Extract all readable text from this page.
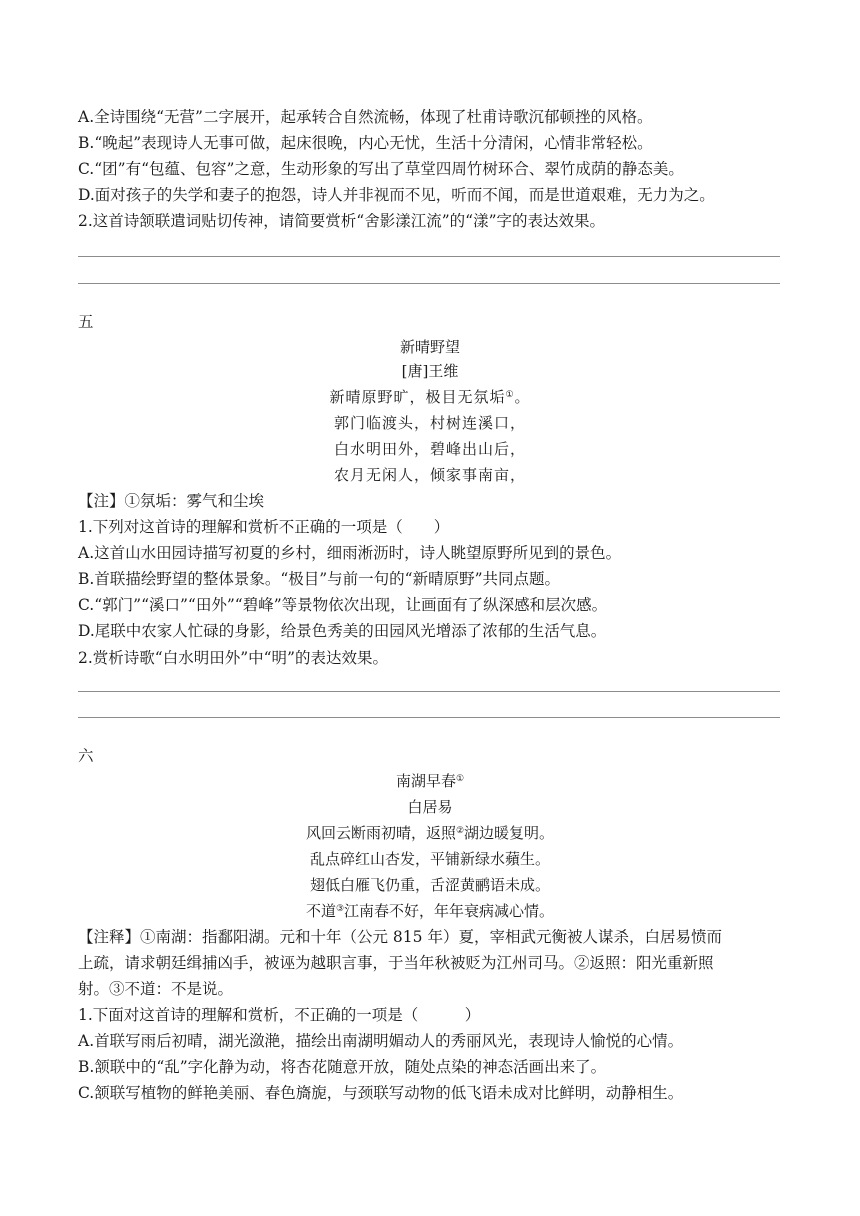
A.全诗围绕“无营”二字展开，起承转合自然流畅，体现了杜甫诗歌沉郁顿挫的风格。
B.“晚起”表现诗人无事可做，起床很晚，内心无忧，生活十分清闲，心情非常轻松。
C.“团”有“包蕴、包容”之意，生动形象的写出了草堂四周竹树环合、翠竹成荫的静态美。
D.面对孩子的失学和妻子的抱怨，诗人并非视而不见，听而不闻，而是世道艰难，无力为之。
2.这首诗颔联遣词贴切传神，请简要赏析“舍影漾江流”的“漾”字的表达效果。
五
新晴野望
[唐]王维
新晴原野旷，极目无氛垢①。
郭门临渡头，村树连溪口，
白水明田外，碧峰出山后，
农月无闲人，倾家事南亩，
【注】①氛垢：雾气和尘埃
1.下列对这首诗的理解和赏析不正确的一项是（　　）
A.这首山水田园诗描写初夏的乡村，细雨淅沥时，诗人眺望原野所见到的景色。
B.首联描绘野望的整体景象。“极目”与前一句的“新晴原野”共同点题。
C.“郭门”“溪口”“田外”“碧峰”等景物依次出现，让画面有了纵深感和层次感。
D.尾联中农家人忙碌的身影，给景色秀美的田园风光增添了浓郁的生活气息。
2.赏析诗歌“白水明田外”中“明”的表达效果。
六
南湖早春①
白居易
风回云断雨初晴，返照②湖边暖复明。
乱点碎红山杏发，平铺新绿水蘋生。
翅低白雁飞仍重，舌涩黄鹂语未成。
不道③江南春不好，年年衰病减心情。
【注释】①南湖：指鄱阳湖。元和十年（公元 815 年）夏，宰相武元衡被人谋杀，白居易愤而
上疏，请求朝廷缉捕凶手，被诬为越职言事，于当年秋被贬为江州司马。②返照：阳光重新照
射。③不道：不是说。
1.下面对这首诗的理解和赏析，不正确的一项是（　　　）
A.首联写雨后初晴，湖光潋滟，描绘出南湖明媚动人的秀丽风光，表现诗人愉悦的心情。
B.颔联中的“乱”字化静为动，将杏花随意开放，随处点染的神态活画出来了。
C.颔联写植物的鲜艳美丽、春色旖旎，与颈联写动物的低飞语未成对比鲜明，动静相生。
